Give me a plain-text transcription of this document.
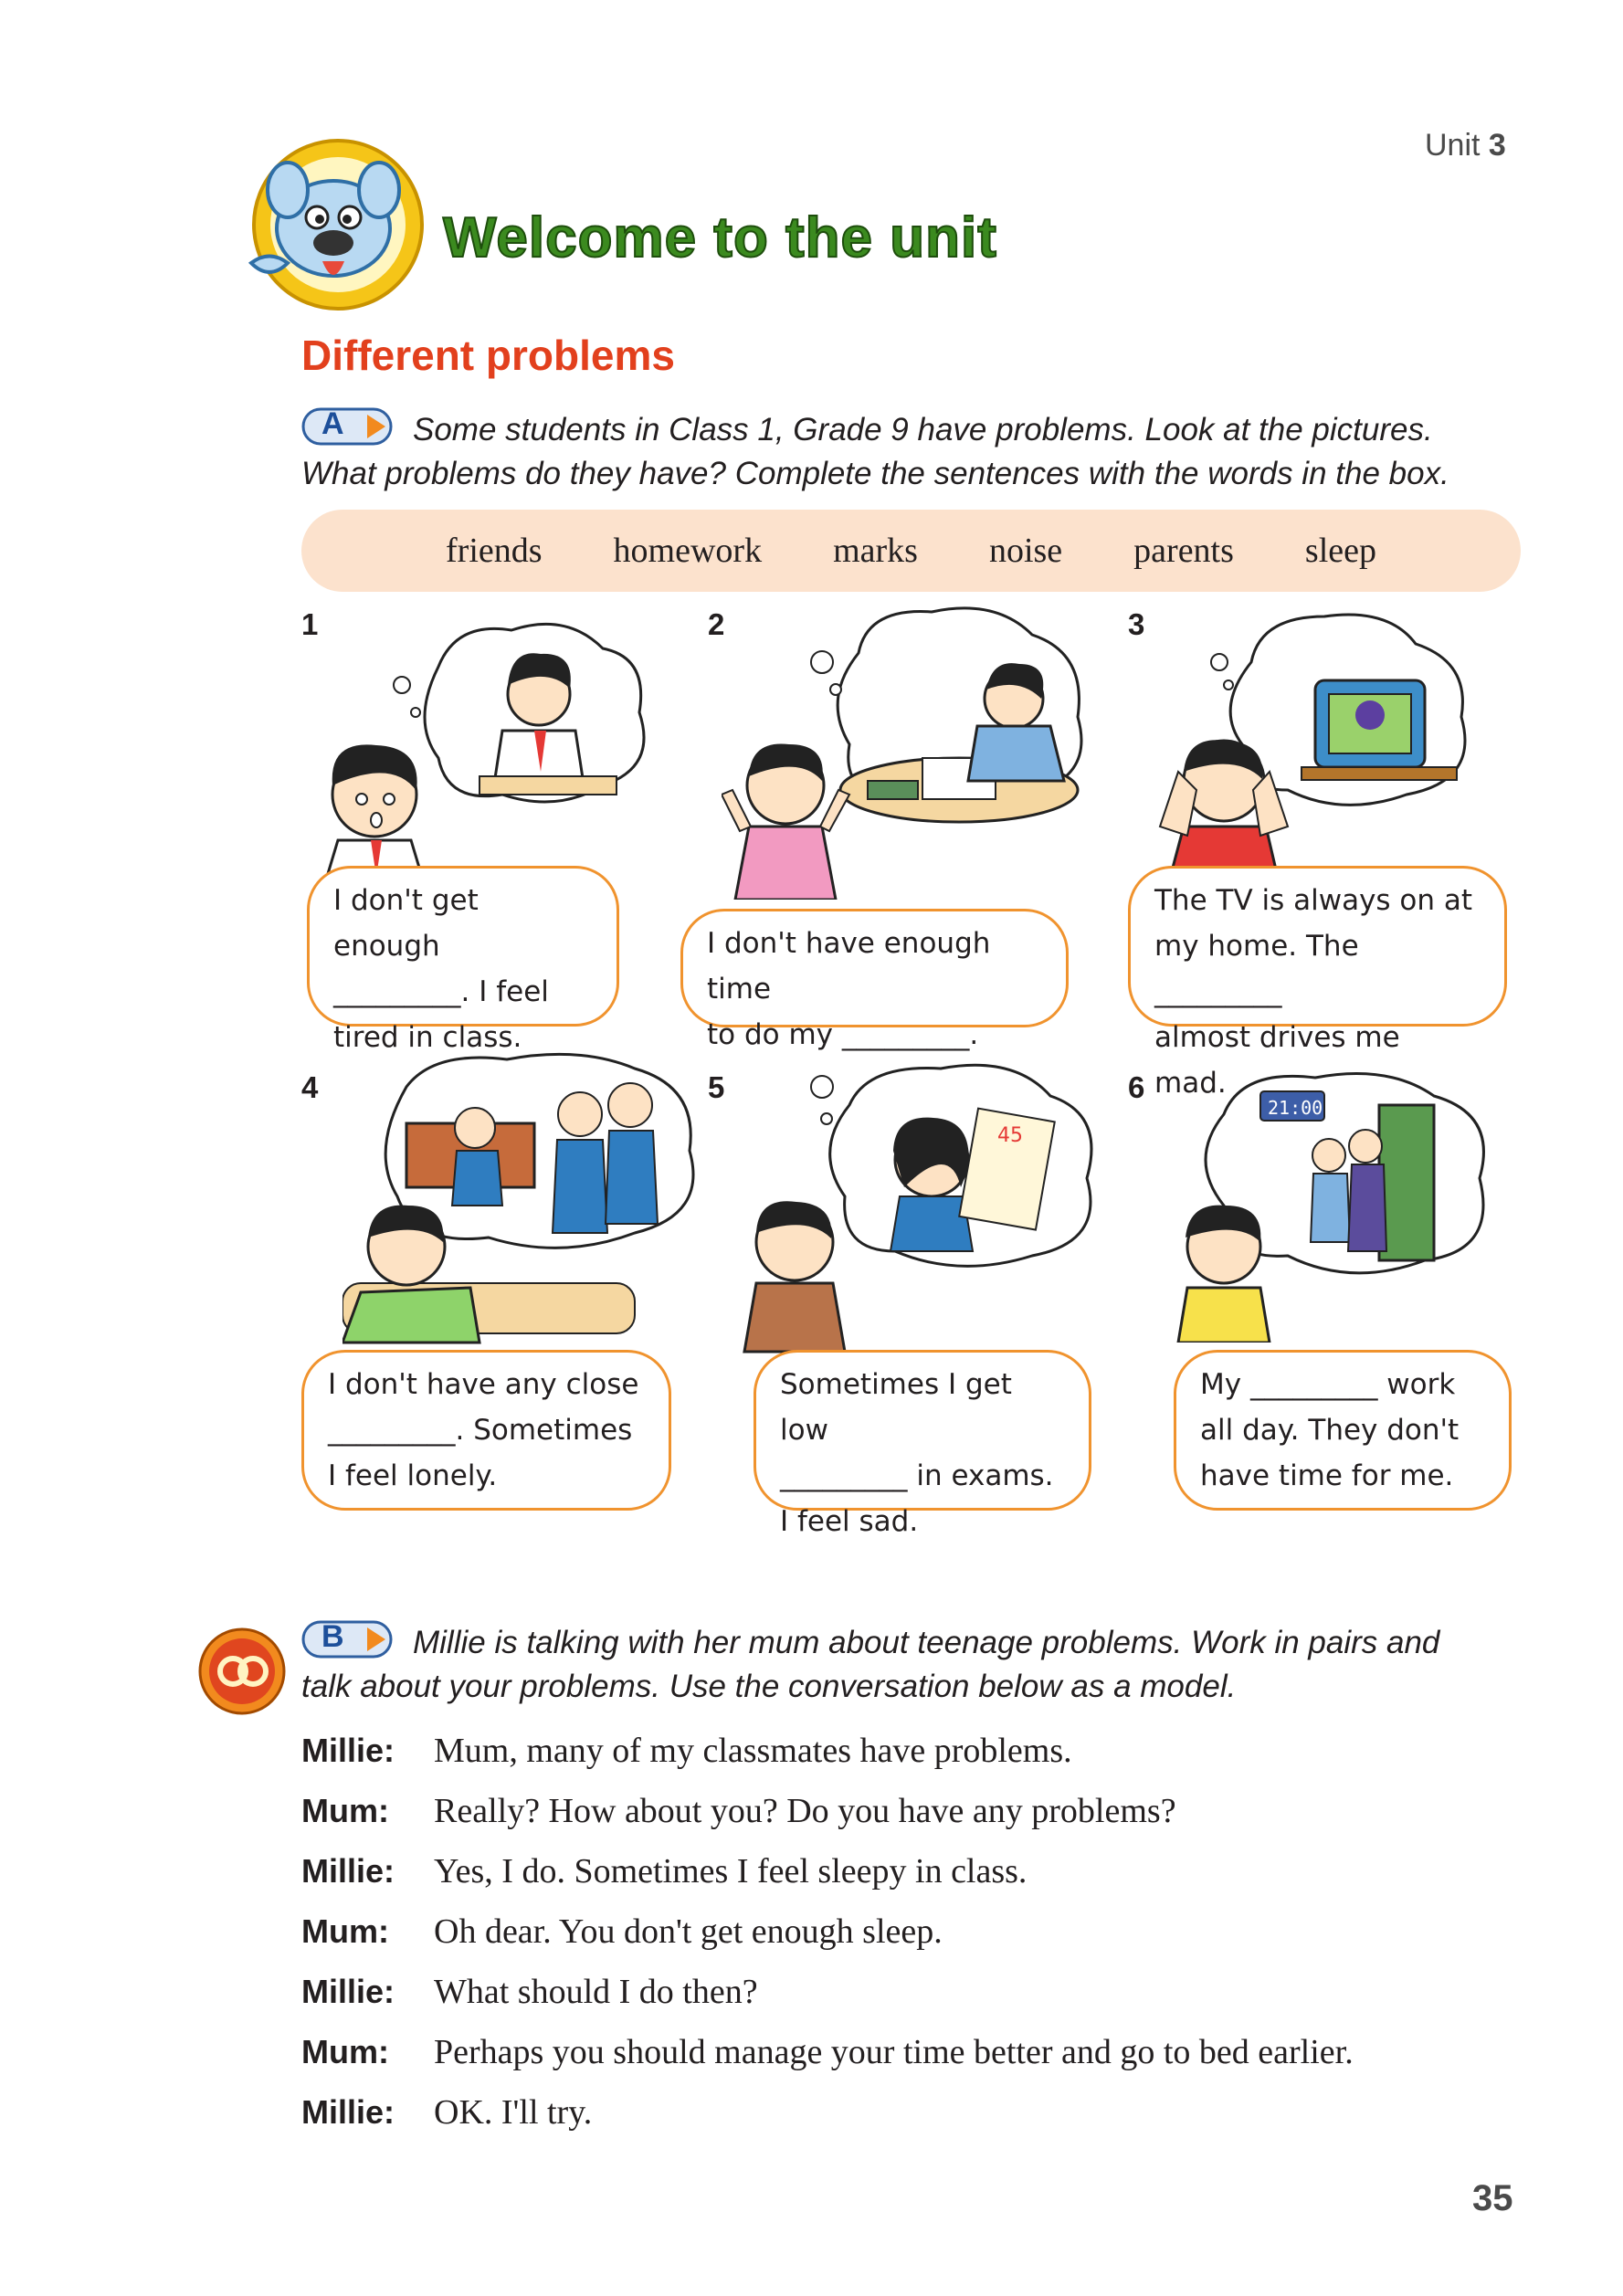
Unit 3
Welcome to the unit
Different problems
A	Some students in Class 1, Grade 9 have problems. Look at the pictures.
What problems do they have? Complete the sentences with the words in the box.
friends homework marks noise parents sleep
1
I don't get enough
_________. I feel
tired in class.
2
I don't have enough time
to do my _________.
3
The TV is always on at
my home. The _________
almost drives me mad.
4
I don't have any close
_________. Sometimes
I feel lonely.
5
45
Sometimes I get low
_________ in exams.
I feel sad.
6
21:00
My _________ work
all day. They don't
have time for me.
B	Millie is talking with her mum about teenage problems. Work in pairs and
talk about your problems. Use the conversation below as a model.
Millie:	Mum, many of my classmates have problems.
Mum:	Really? How about you? Do you have any problems?
Millie:	Yes, I do. Sometimes I feel sleepy in class.
Mum:	Oh dear. You don't get enough sleep.
Millie:	What should I do then?
Mum:	Perhaps you should manage your time better and go to bed earlier.
Millie:	OK. I'll try.
35
